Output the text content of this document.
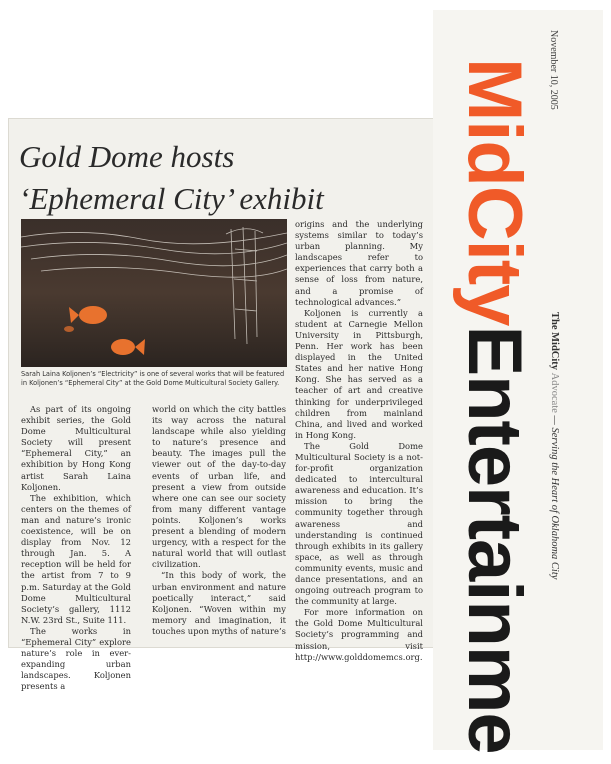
Gold Dome hosts
‘Ephemeral City’ exhibit
Sarah Laina Koljonen’s “Electricity” is one of several works that will be featured in Koljonen’s “Ephemeral City” at the Gold Dome Multicultural Society Gallery.

As part of its ongoing exhibit series, the Gold Dome Multicultural Society will present “Ephemeral City,” an exhibition by Hong Kong artist Sarah Laina Koljonen.

The exhibition, which centers on the themes of man and nature’s ironic coexistence, will be on display from Nov. 12 through Jan. 5. A reception will be held for the artist from 7 to 9 p.m. Saturday at the Gold Dome Multicultural Society’s gallery, 1112 N.W. 23rd St., Suite 111.

The works in “Ephemeral City” explore nature’s role in ever-expanding urban landscapes. Koljonen presents a

world on which the city battles its way across the natural landscape while also yielding to nature’s presence and beauty. The images pull the viewer out of the day-to-day events of urban life, and present a view from outside where one can see our society from many different vantage points. Koljonen’s works present a blending of modern urgency, with a respect for the natural world that will outlast civilization.

“In this body of work, the urban environment and nature poetically interact,” said Koljonen. “Woven within my memory and imagination, it touches upon myths of nature’s

origins and the underlying systems similar to today’s urban planning. My landscapes refer to experiences that carry both a sense of loss from nature, and a promise of technological advances.”

Koljonen is currently a student at Carnegie Mellon University in Pittsburgh, Penn. Her work has been displayed in the United States and her native Hong Kong. She has served as a teacher of art and creative thinking for underprivileged children from mainland China, and lived and worked in Hong Kong.

The Gold Dome Multicultural Society is a not-for-profit organization dedicated to intercultural awareness and education. It’s mission to bring the community together through awareness and understanding is continued through exhibits in its gallery space, as well as through community events, music and dance presentations, and an ongoing outreach program to the community at large.

For more information on the Gold Dome Multicultural Society’s programming and mission, visit http://www.golddomemcs.org.

November 10, 2005
MidCityEntertainme	The MidCity Advocate — Serving the Heart of Oklahoma City
